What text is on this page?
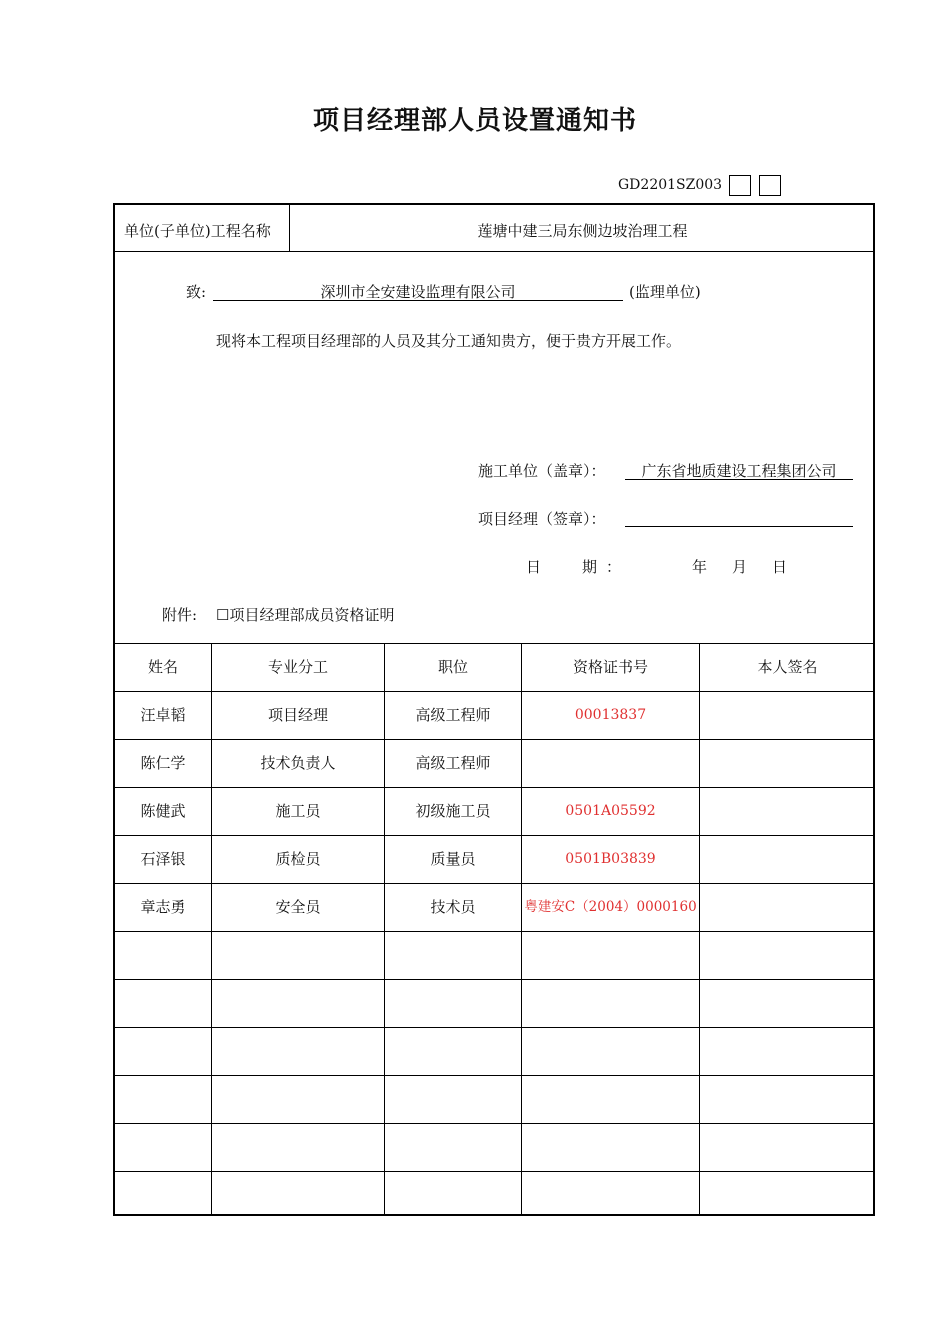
项目经理部人员设置通知书
GD2201SZ003
单位(子单位)工程名称	莲塘中建三局东侧边坡治理工程
致:	深圳市全安建设监理有限公司	(监理单位)
现将本工程项目经理部的人员及其分工通知贵方，便于贵方开展工作。
施工单位（盖章）：	广东省地质建设工程集团公司
项目经理（签章）：
日	期 ：	年 月 日
附件: ☐项目经理部成员资格证明
姓名	专业分工	职位	资格证书号	本人签名
汪卓韬	项目经理	高级工程师	00013837
陈仁学	技术负责人	高级工程师
陈健武	施工员	初级施工员	0501A05592
石泽银	质检员	质量员	0501B03839
章志勇	安全员	技术员	粤建安C（2004）0000160
